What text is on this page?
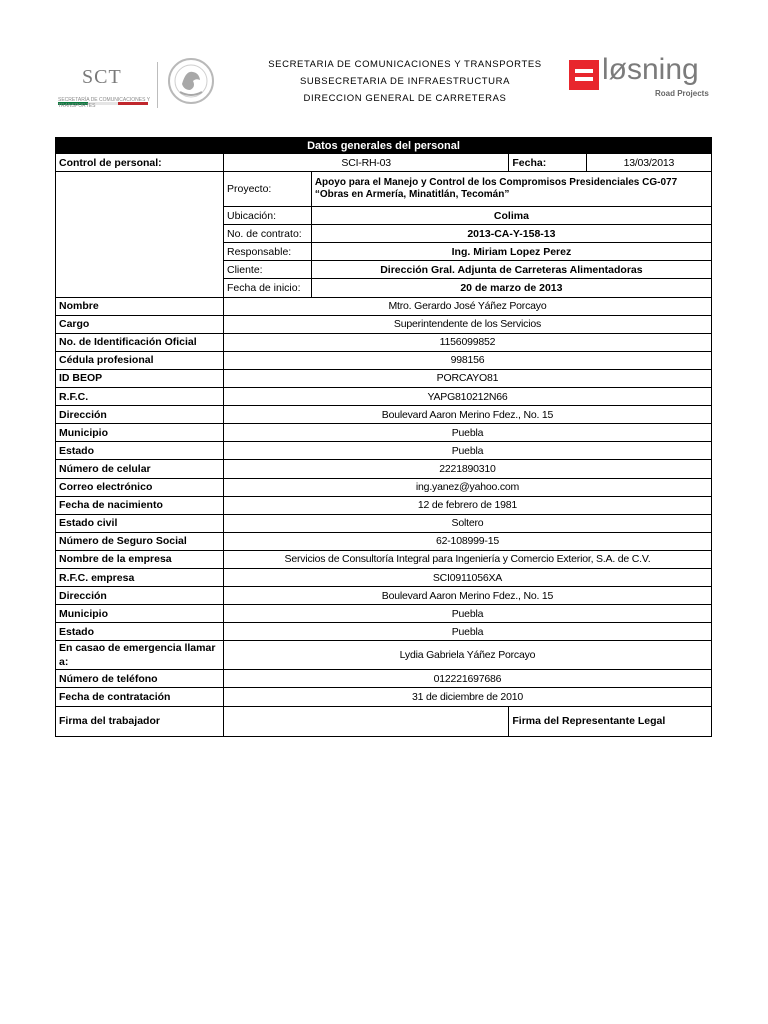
SCT
SECRETARÍA DE COMUNICACIONES Y TRANSPORTES
SECRETARIA DE COMUNICACIONES Y TRANSPORTES
SUBSECRETARIA DE INFRAESTRUCTURA
DIRECCION GENERAL DE CARRETERAS
løsning
Road Projects
Datos generales del personal				
Control de personal:	SCI-RH-03		Fecha:	13/03/2013
	Proyecto:	Apoyo para el Manejo y Control de los Compromisos Presidenciales CG-077
“Obras en Armería, Minatitlán, Tecomán”		

	Ubicación:	Colima		
	No. de contrato:	2013-CA-Y-158-13		
	Responsable:	Ing. Miriam Lopez Perez		
	Cliente:	Dirección Gral. Adjunta de Carreteras Alimentadoras		
	Fecha de inicio:	20 de marzo de 2013		
Nombre	Mtro. Gerardo José Yáñez Porcayo			
Cargo	Superintendente de los Servicios			
No. de Identificación Oficial	1156099852			
Cédula profesional	998156			
ID BEOP	PORCAYO81			
R.F.C.	YAPG810212N66			
Dirección	Boulevard Aaron Merino Fdez., No. 15			
Municipio	Puebla			
Estado	Puebla			
Número de celular	2221890310			
Correo electrónico	ing.yanez@yahoo.com			
Fecha de nacimiento	12 de febrero de 1981			
Estado civil	Soltero			
Número de Seguro Social	62-108999-15			
Nombre de la empresa	Servicios de Consultoría Integral para Ingeniería y Comercio Exterior, S.A. de C.V.			
R.F.C. empresa	SCI0911056XA			
Dirección	Boulevard Aaron Merino Fdez., No. 15			
Municipio	Puebla			
Estado	Puebla			
En casao de emergencia llamar a:	Lydia Gabriela Yáñez Porcayo			
Número de teléfono	012221697686			
Fecha de contratación	31 de diciembre de 2010			
Firma del trabajador			Firma del Representante Legal	
